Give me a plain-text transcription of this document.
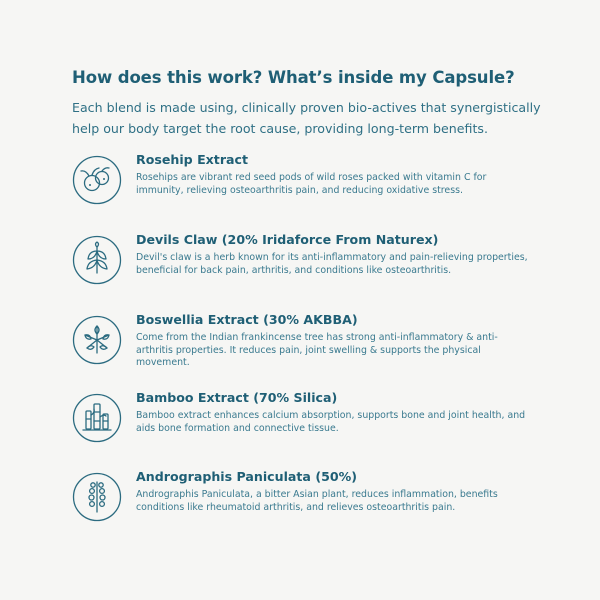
How does this work? What’s inside my Capsule?
Each blend is made using, clinically proven bio-actives that synergistically help our body target the root cause, providing long-term benefits.
Rosehip Extract
Rosehips are vibrant red seed pods of wild roses packed with vitamin C for immunity, relieving osteoarthritis pain, and reducing oxidative stress.
Devils Claw (20% Iridaforce From Naturex)
Devil's claw is a herb known for its anti-inflammatory and pain-relieving properties, beneficial for back pain, arthritis, and conditions like osteoarthritis.
Boswellia Extract (30% AKBBA)
Come from the Indian frankincense tree has strong anti-inflammatory & anti-arthritis properties. It reduces pain, joint swelling & supports the physical movement.
Bamboo Extract (70% Silica)
Bamboo extract enhances calcium absorption, supports bone and joint health, and aids bone formation and connective tissue.
Andrographis Paniculata (50%)
Andrographis Paniculata, a bitter Asian plant, reduces inflammation, benefits conditions like rheumatoid arthritis, and relieves osteoarthritis pain.
